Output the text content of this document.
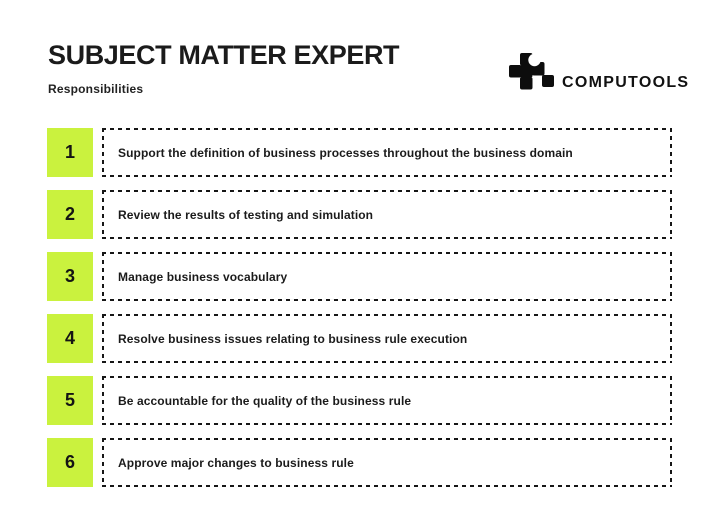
SUBJECT MATTER EXPERT
Responsibilities	COMPUTOOLS
1	Support the definition of business processes throughout the business domain
2	Review the results of testing and simulation
3	Manage business vocabulary
4	Resolve business issues relating to business rule execution
5	Be accountable for the quality of the business rule
6	Approve major changes to business rule
